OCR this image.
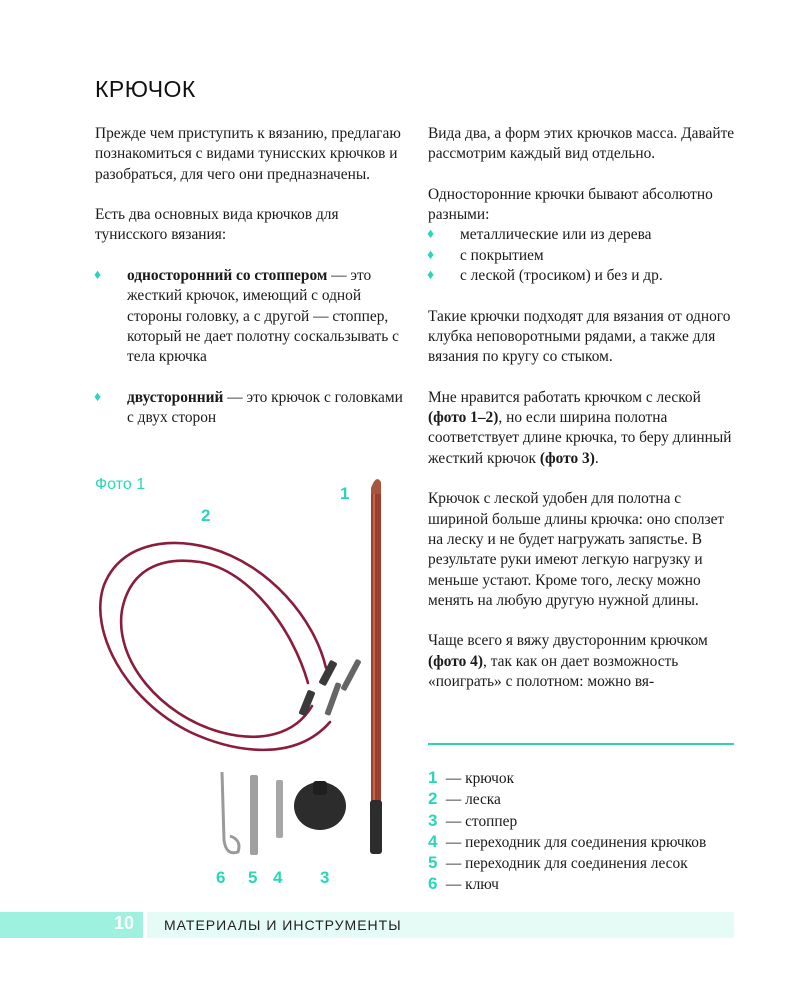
КРЮЧОК

Прежде чем приступить к вязанию, предлагаю познакомиться с видами тунисских крючков и разобраться, для чего они предназначены.

Есть два основных вида крючков для тунисского вязания:

♦ односторонний со стоппером — это жесткий крючок, имеющий с одной стороны головку, а с другой — стоппер, который не дает полотну соскальзывать с тела крючка
♦ двусторонний — это крючок с головками с двух сторон

Вида два, а форм этих крючков масса. Давайте рассмотрим каждый вид отдельно.

Односторонние крючки бывают абсолютно разными:

♦ металлические или из дерева
♦ с покрытием
♦ с леской (тросиком) и без и др.

Такие крючки подходят для вязания от одного клубка неповоротными рядами, а также для вязания по кругу со стыком.

Мне нравится работать крючком с леской (фото 1–2), но если ширина полотна соответствует длине крючка, то беру длинный жесткий крючок (фото 3).

Крючок с леской удобен для полотна с шириной больше длины крючка: оно сползет на леску и не будет нагружать запястье. В результате руки имеют легкую нагрузку и меньше устают. Кроме того, леску можно менять на любую другую нужной длины.

Чаще всего я вяжу двусторонним крючком (фото 4), так как он дает возможность «поиграть» с полотном: можно вя-

Фото 1	1
2
6 5 4 3
1 — крючок
2 — леска
3 — стоппер
4 — переходник для соединения крючков
5 — переходник для соединения лесок
6 — ключ
10 МАТЕРИАЛЫ И ИНСТРУМЕНТЫ
